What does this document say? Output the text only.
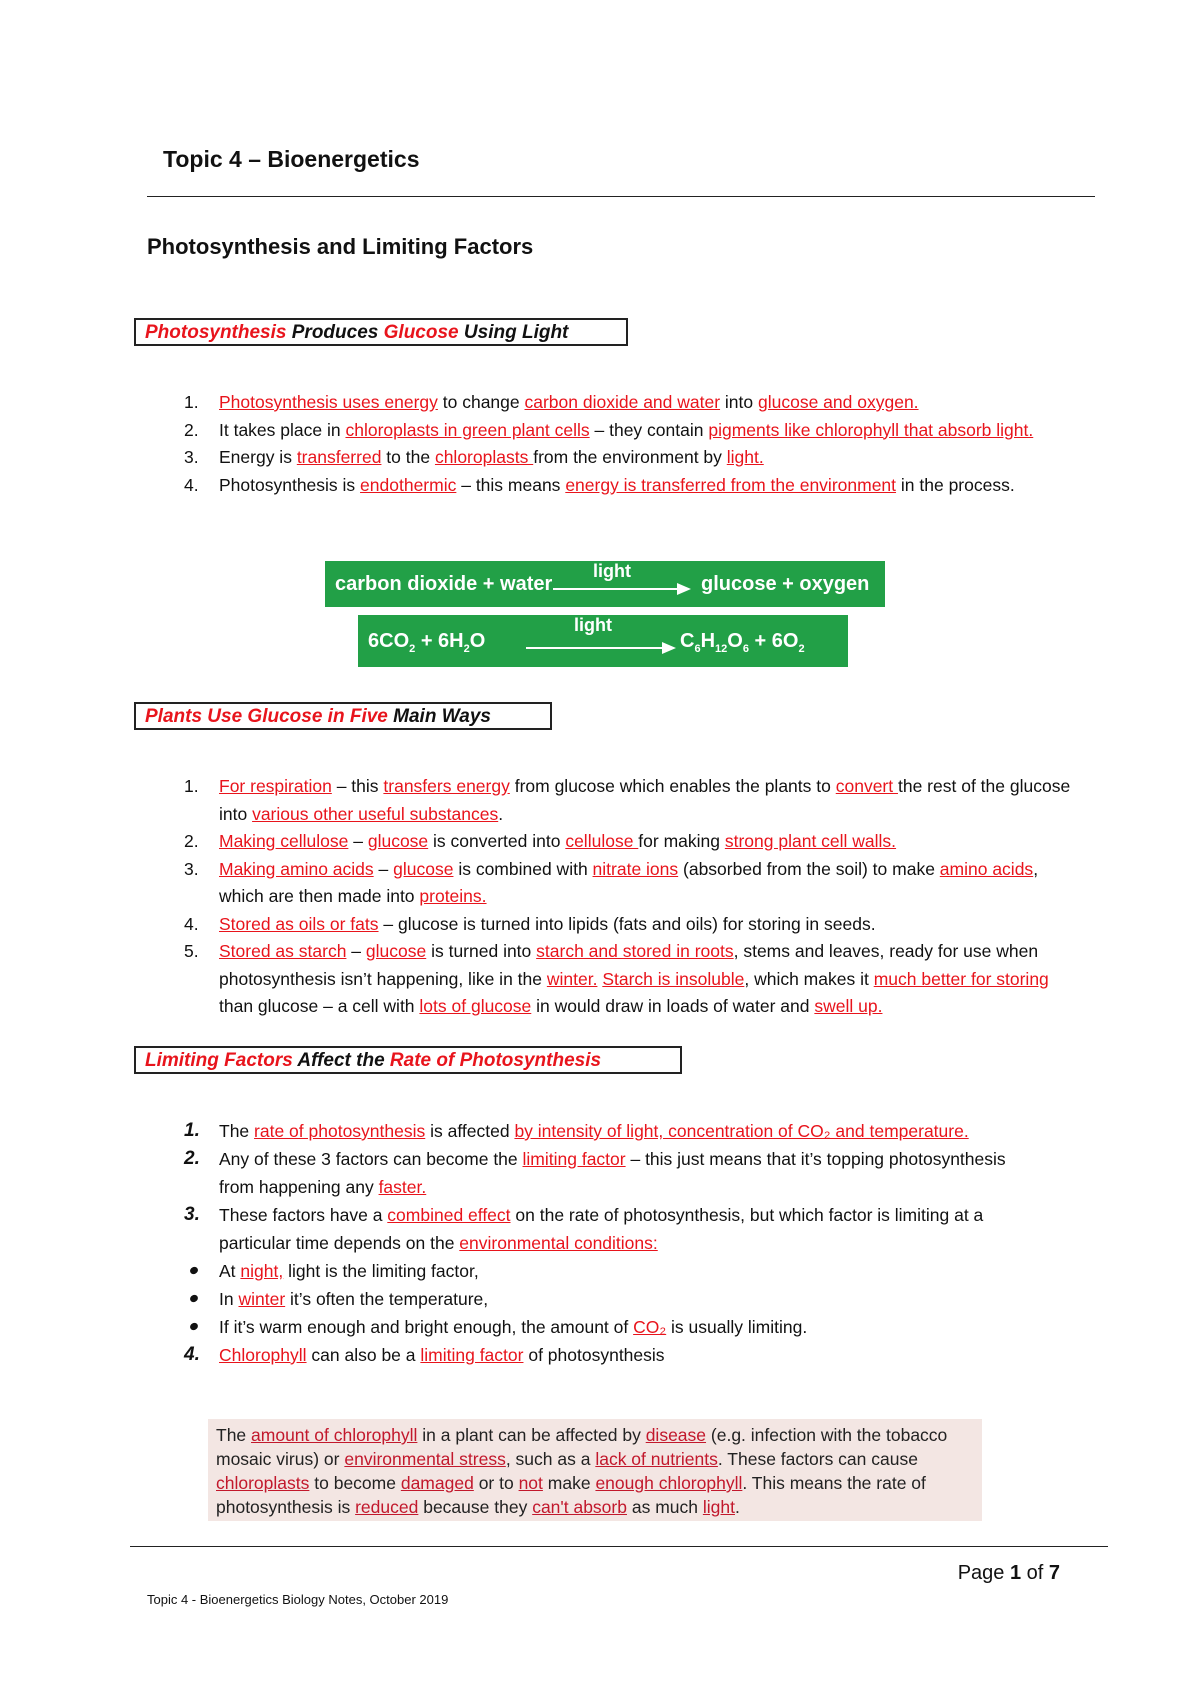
Topic 4 – Bioenergetics
Photosynthesis and Limiting Factors
Photosynthesis Produces Glucose Using Light
1. Photosynthesis uses energy to change carbon dioxide and water into glucose and oxygen.
2. It takes place in chloroplasts in green plant cells – they contain pigments like chlorophyll that absorb light.
3. Energy is transferred to the chloroplasts from the environment by light.
4. Photosynthesis is endothermic – this means energy is transferred from the environment in the process.
carbon dioxide + water
light
glucose + oxygen
$6CO_2 + 6H_2O$
light
$C_6H_{12}O_6 + 6O_2$
Plants Use Glucose in Five Main Ways
1. For respiration – this transfers energy from glucose which enables the plants to convert the rest of the glucose into various other useful substances.
2. Making cellulose – glucose is converted into cellulose for making strong plant cell walls.
3. Making amino acids – glucose is combined with nitrate ions (absorbed from the soil) to make amino acids, which are then made into proteins.
4. Stored as oils or fats – glucose is turned into lipids (fats and oils) for storing in seeds.
5. Stored as starch – glucose is turned into starch and stored in roots, stems and leaves, ready for use when photosynthesis isn’t happening, like in the winter. Starch is insoluble, which makes it much better for storing than glucose – a cell with lots of glucose in would draw in loads of water and swell up.
Limiting Factors Affect the Rate of Photosynthesis
1. The rate of photosynthesis is affected by intensity of light, concentration of CO₂ and temperature.
2. Any of these 3 factors can become the limiting factor – this just means that it’s topping photosynthesis from happening any faster.
3. These factors have a combined effect on the rate of photosynthesis, but which factor is limiting at a particular time depends on the environmental conditions:
At night, light is the limiting factor,
In winter it’s often the temperature,
If it’s warm enough and bright enough, the amount of CO₂ is usually limiting.
4. Chlorophyll can also be a limiting factor of photosynthesis
The amount of chlorophyll in a plant can be affected by disease (e.g. infection with the tobacco mosaic virus) or environmental stress, such as a lack of nutrients. These factors can cause chloroplasts to become damaged or to not make enough chlorophyll. This means the rate of photosynthesis is reduced because they can't absorb as much light.
Page 1 of 7
Topic 4 - Bioenergetics Biology Notes, October 2019
